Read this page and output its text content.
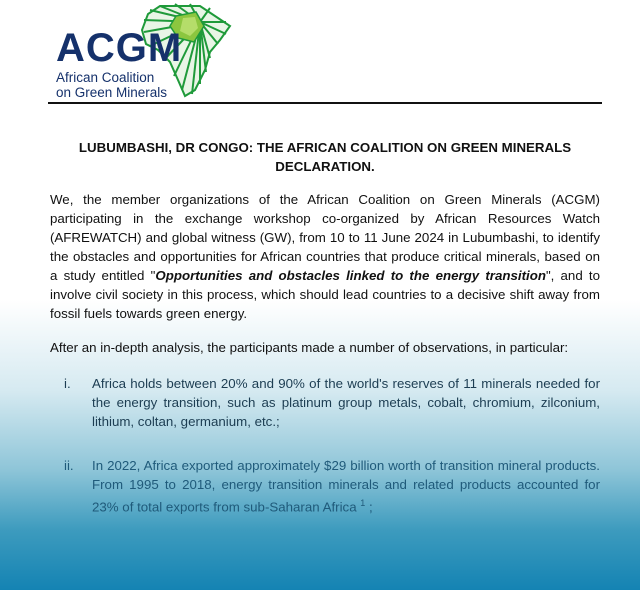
ACGM
African Coalition
on Green Minerals
LUBUMBASHI, DR CONGO: THE AFRICAN COALITION ON GREEN MINERALS DECLARATION.
We, the member organizations of the African Coalition on Green Minerals (ACGM) participating in the exchange workshop co-organized by African Resources Watch (AFREWATCH) and global witness (GW), from 10 to 11 June 2024 in Lubumbashi, to identify the obstacles and opportunities for African countries that produce critical minerals, based on a study entitled "Opportunities and obstacles linked to the energy transition", and to involve civil society in this process, which should lead countries to a decisive shift away from fossil fuels towards green energy.
After an in-depth analysis, the participants made a number of observations, in particular:
i. Africa holds between 20% and 90% of the world's reserves of 11 minerals needed for the energy transition, such as platinum group metals, cobalt, chromium, zilconium, lithium, coltan, germanium, etc.;
ii. In 2022, Africa exported approximately $29 billion worth of transition mineral products. From 1995 to 2018, energy transition minerals and related products accounted for 23% of total exports from sub-Saharan Africa $^1$ ;
